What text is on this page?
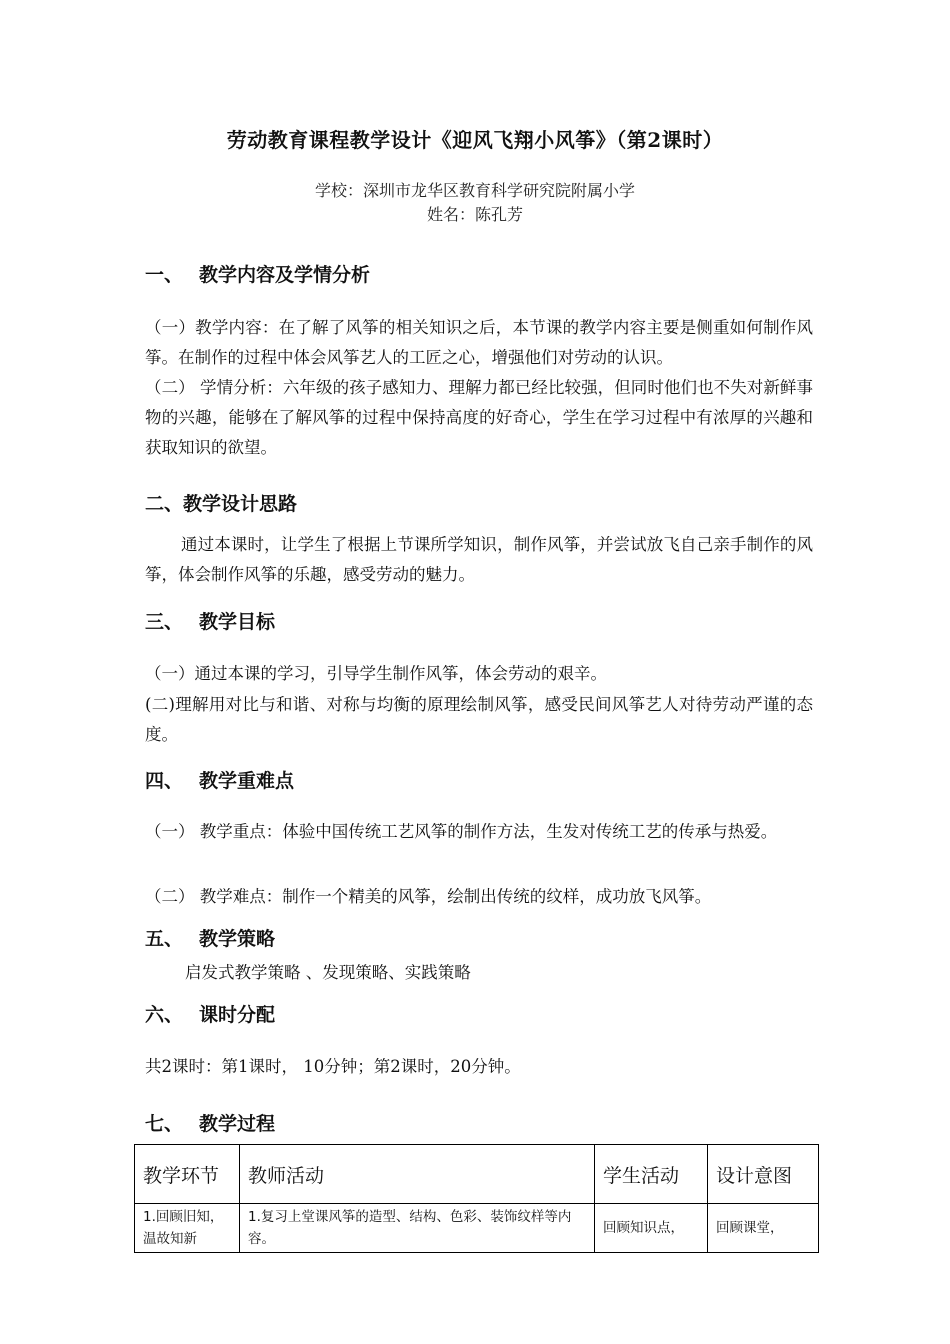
劳动教育课程教学设计《迎风飞翔小风筝》（第2课时）
学校：深圳市龙华区教育科学研究院附属小学
姓名：陈孔芳
一、 教学内容及学情分析
（一）教学内容：在了解了风筝的相关知识之后，本节课的教学内容主要是侧重如何制作风筝。在制作的过程中体会风筝艺人的工匠之心，增强他们对劳动的认识。
（二） 学情分析：六年级的孩子感知力、理解力都已经比较强，但同时他们也不失对新鲜事物的兴趣，能够在了解风筝的过程中保持高度的好奇心，学生在学习过程中有浓厚的兴趣和获取知识的欲望。
二、教学设计思路
通过本课时，让学生了根据上节课所学知识，制作风筝，并尝试放飞自己亲手制作的风筝，体会制作风筝的乐趣，感受劳动的魅力。
三、 教学目标
（一）通过本课的学习，引导学生制作风筝，体会劳动的艰辛。
(二)理解用对比与和谐、对称与均衡的原理绘制风筝，感受民间风筝艺人对待劳动严谨的态度。
四、 教学重难点
（一） 教学重点：体验中国传统工艺风筝的制作方法，生发对传统工艺的传承与热爱。
（二） 教学难点：制作一个精美的风筝，绘制出传统的纹样，成功放飞风筝。
五、 教学策略
启发式教学策略 、发现策略、实践策略
六、 课时分配
共2课时：第1课时， 10分钟；第2课时，20分钟。
七、 教学过程
教学环节	教师活动	学生活动	设计意图
1.回顾旧知，温故知新	1.复习上堂课风筝的造型、结构、色彩、装饰纹样等内容。	回顾知识点，	回顾课堂，
